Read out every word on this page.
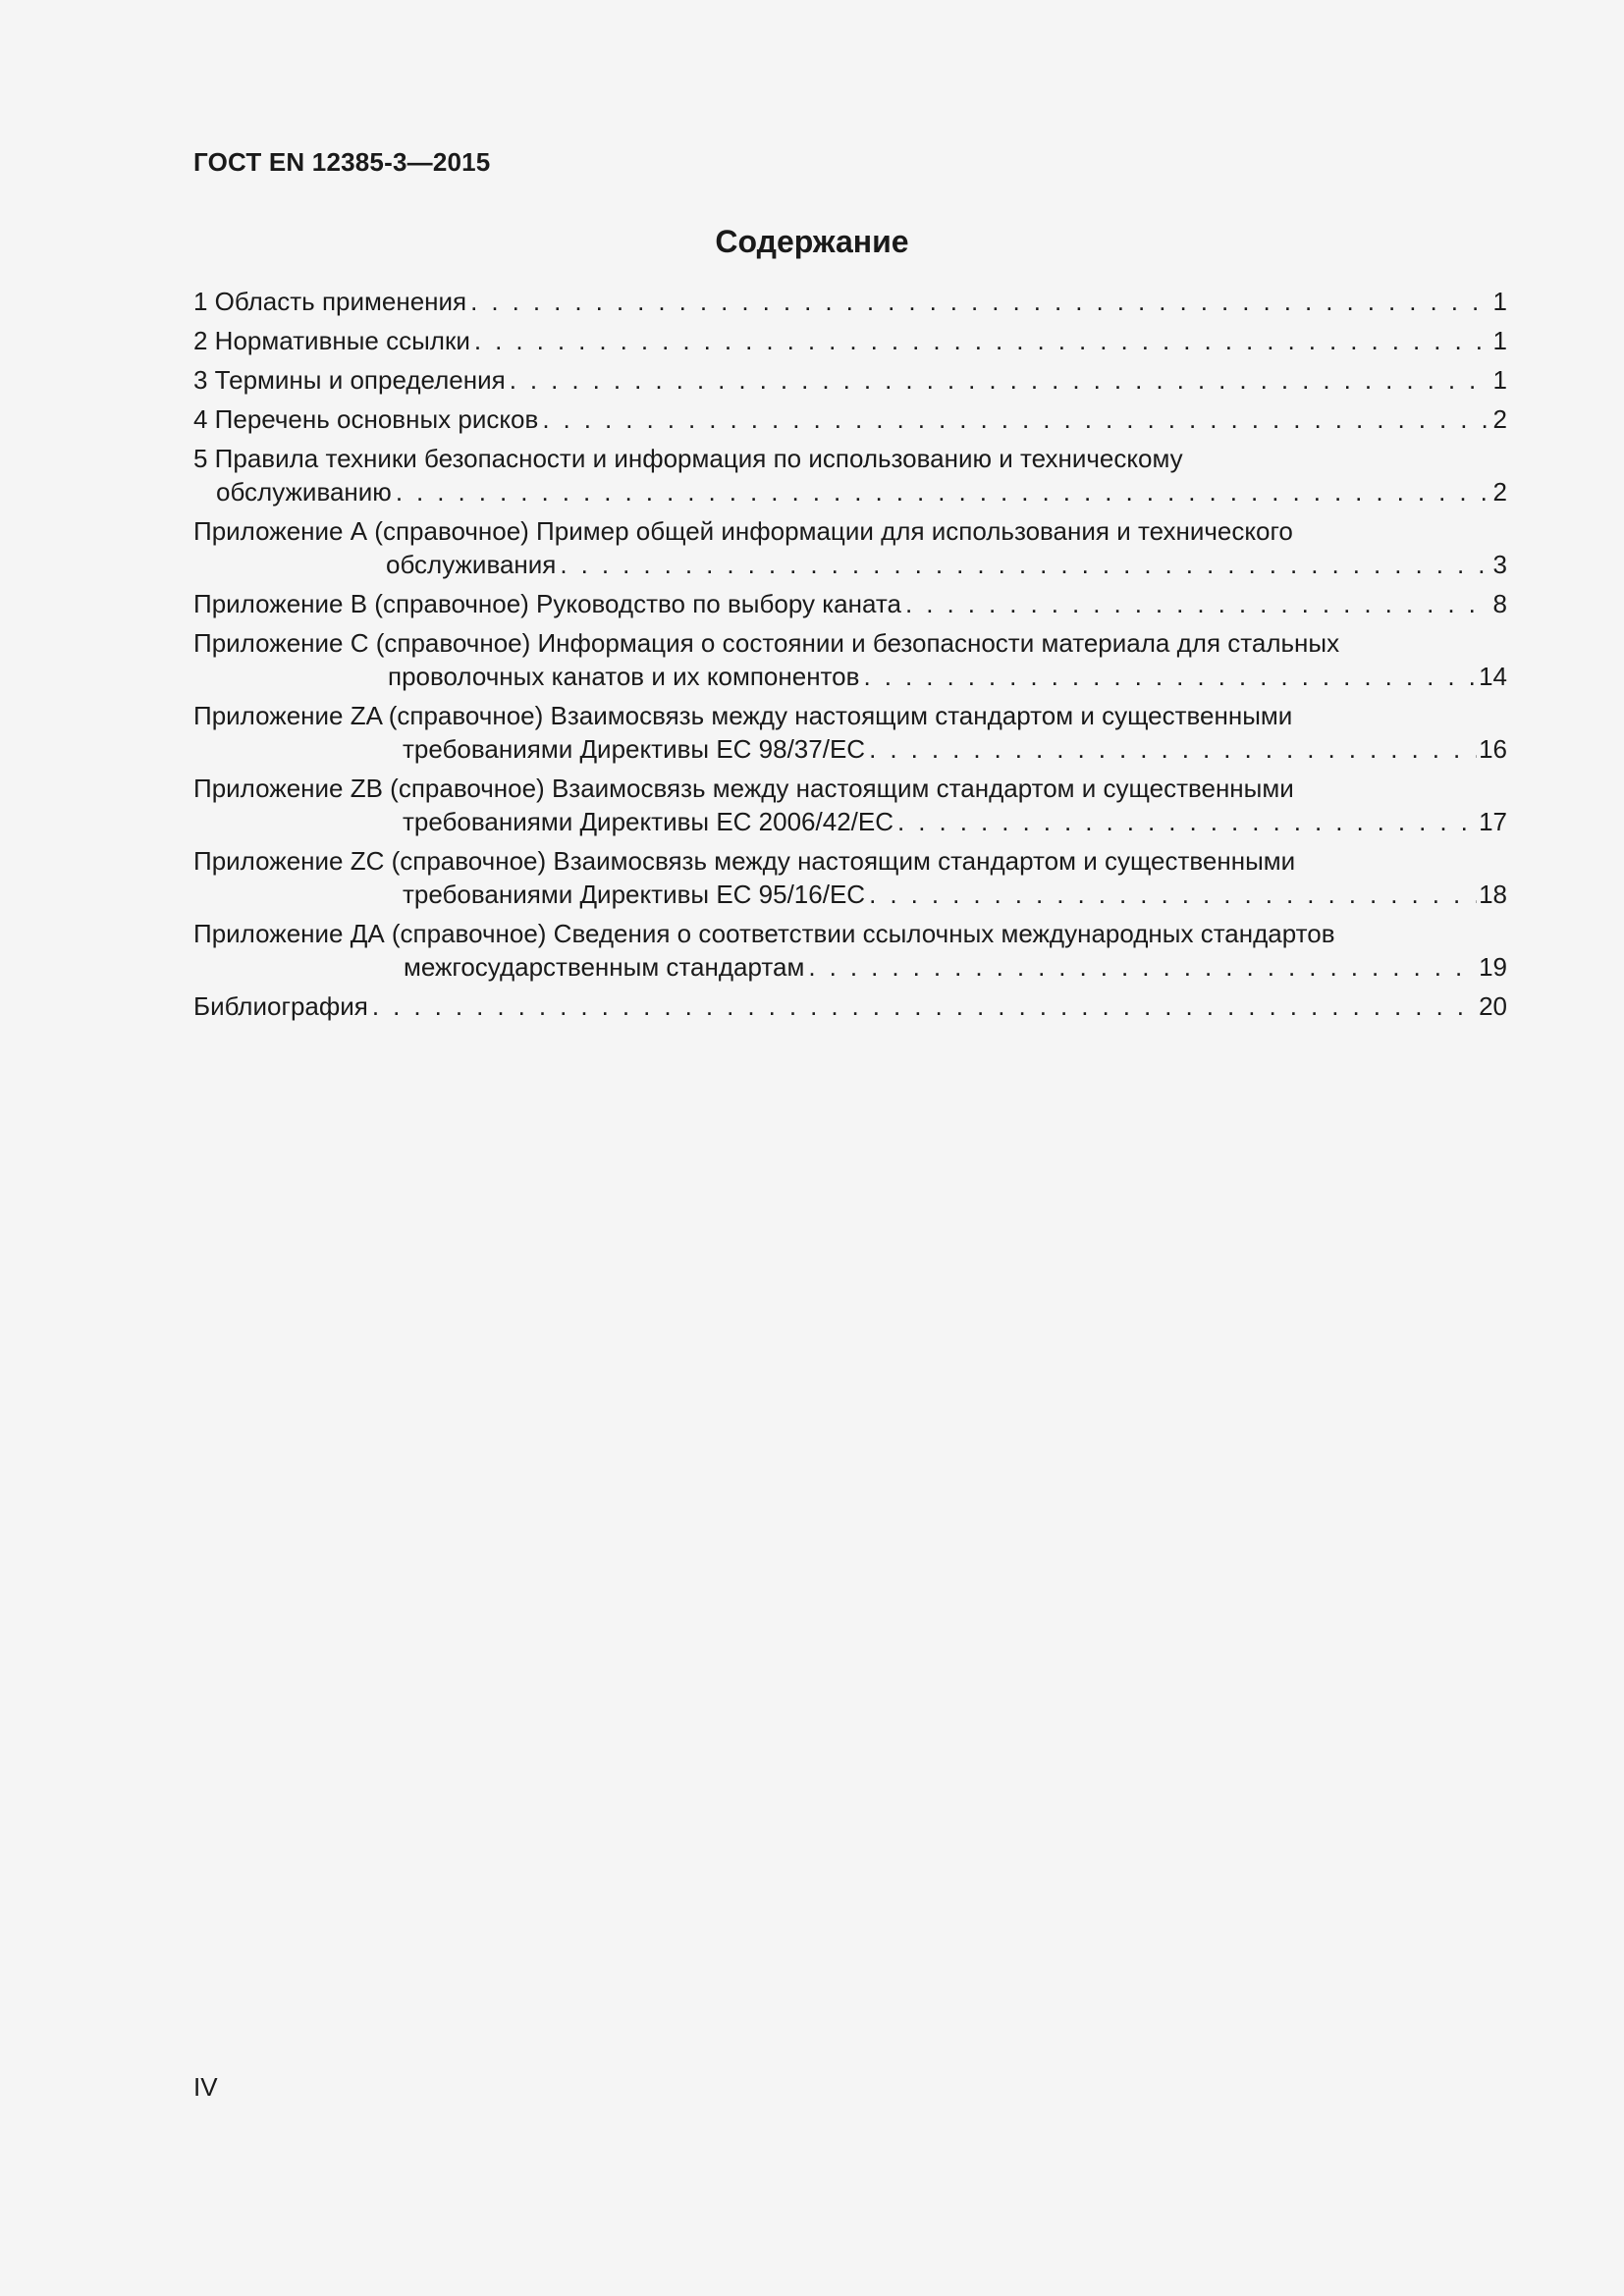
ГОСТ EN 12385-3—2015
Содержание
1 Область применения . . .	1
2 Нормативные ссылки . . .	1
3 Термины и определения . . .	1
4 Перечень основных рисков . . .	2
5 Правила техники безопасности и информация по использованию и техническому
обслуживанию . . .	2
Приложение А (справочное) Пример общей информации для использования и технического
обслуживания . . .	3
Приложение В (справочное) Руководство по выбору каната . . .	8
Приложение С (справочное) Информация о состоянии и безопасности материала для стальных
проволочных канатов и их компонентов . . .	14
Приложение ZA (справочное) Взаимосвязь между настоящим стандартом и существенными
требованиями Директивы ЕС 98/37/ЕС . . .	16
Приложение ZB (справочное) Взаимосвязь между настоящим стандартом и существенными
требованиями Директивы ЕС 2006/42/ЕС . . .	17
Приложение ZC (справочное) Взаимосвязь между настоящим стандартом и существенными
требованиями Директивы ЕС 95/16/ЕС . . .	18
Приложение ДА (справочное) Сведения о соответствии ссылочных международных стандартов
межгосударственным стандартам . . .	19
Библиография . . .	20
IV
